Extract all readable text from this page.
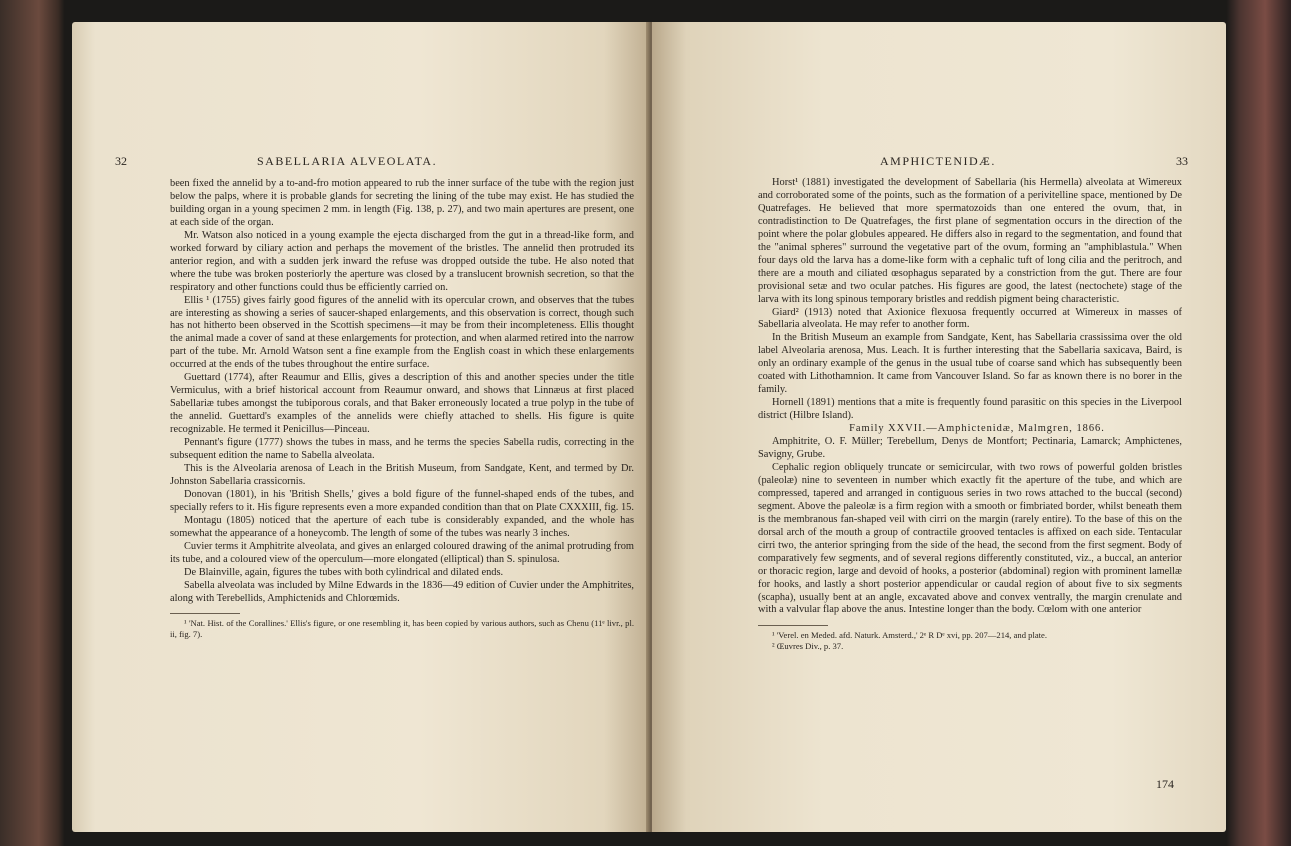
32	SABELLARIA ALVEOLATA.

been fixed the annelid by a to-and-fro motion appeared to rub the inner surface of the tube with the region just below the palps, where it is probable glands for secreting the lining of the tube may exist. He has studied the building organ in a young specimen 2 mm. in length (Fig. 138, p. 27), and two main apertures are present, one at each side of the organ.

Mr. Watson also noticed in a young example the ejecta discharged from the gut in a thread-like form, and worked forward by ciliary action and perhaps the movement of the bristles. The annelid then protruded its anterior region, and with a sudden jerk inward the refuse was dropped outside the tube. He also noted that where the tube was broken posteriorly the aperture was closed by a translucent brownish secretion, so that the respiratory and other functions could thus be efficiently carried on.

Ellis ¹ (1755) gives fairly good figures of the annelid with its opercular crown, and observes that the tubes are interesting as showing a series of saucer-shaped enlargements, and this observation is correct, though such has not hitherto been observed in the Scottish specimens—it may be from their incompleteness. Ellis thought the animal made a cover of sand at these enlargements for protection, and when alarmed retired into the narrow part of the tube. Mr. Arnold Watson sent a fine example from the English coast in which these enlargements occurred at the ends of the tubes throughout the entire surface.

Guettard (1774), after Reaumur and Ellis, gives a description of this and another species under the title Vermiculus, with a brief historical account from Reaumur onward, and shows that Linnæus at first placed Sabellariæ tubes amongst the tubiporous corals, and that Baker erroneously located a true polyp in the tube of the annelid. Guettard's examples of the annelids were chiefly attached to shells. His figure is quite recognizable. He termed it Penicillus—Pinceau.

Pennant's figure (1777) shows the tubes in mass, and he terms the species Sabella rudis, correcting in the subsequent edition the name to Sabella alveolata.

This is the Alveolaria arenosa of Leach in the British Museum, from Sandgate, Kent, and termed by Dr. Johnston Sabellaria crassicornis.

Donovan (1801), in his 'British Shells,' gives a bold figure of the funnel-shaped ends of the tubes, and specially refers to it. His figure represents even a more expanded condition than that on Plate CXXXIII, fig. 15.

Montagu (1805) noticed that the aperture of each tube is considerably expanded, and the whole has somewhat the appearance of a honeycomb. The length of some of the tubes was nearly 3 inches.

Cuvier terms it Amphitrite alveolata, and gives an enlarged coloured drawing of the animal protruding from its tube, and a coloured view of the operculum—more elongated (elliptical) than S. spinulosa.

De Blainville, again, figures the tubes with both cylindrical and dilated ends.

Sabella alveolata was included by Milne Edwards in the 1836—49 edition of Cuvier under the Amphitrites, along with Terebellids, Amphictenids and Chlorœmids.

¹ 'Nat. Hist. of the Corallines.' Ellis's figure, or one resembling it, has been copied by various authors, such as Chenu (11ᵉ livr., pl. ii, fig. 7).

AMPHICTENIDÆ.	33

Horst¹ (1881) investigated the development of Sabellaria (his Hermella) alveolata at Wimereux and corroborated some of the points, such as the formation of a perivitelline space, mentioned by De Quatrefages. He believed that more spermatozoids than one entered the ovum, that, in contradistinction to De Quatrefages, the first plane of segmentation occurs in the direction of the point where the polar globules appeared. He differs also in regard to the segmentation, and found that the "animal spheres" surround the vegetative part of the ovum, forming an "amphiblastula." When four days old the larva has a dome-like form with a cephalic tuft of long cilia and the peritroch, and there are a mouth and ciliated œsophagus separated by a constriction from the gut. There are four provisional setæ and two ocular patches. His figures are good, the latest (nectochete) stage of the larva with its long spinous temporary bristles and reddish pigment being characteristic.

Giard² (1913) noted that Axionice flexuosa frequently occurred at Wimereux in masses of Sabellaria alveolata. He may refer to another form.

In the British Museum an example from Sandgate, Kent, has Sabellaria crassissima over the old label Alveolaria arenosa, Mus. Leach. It is further interesting that the Sabellaria saxicava, Baird, is only an ordinary example of the genus in the usual tube of coarse sand which has subsequently been coated with Lithothamnion. It came from Vancouver Island. So far as known there is no borer in the family.

Hornell (1891) mentions that a mite is frequently found parasitic on this species in the Liverpool district (Hilbre Island).

Family XXVII.—Amphictenidæ, Malmgren, 1866.

Amphitrite, O. F. Müller; Terebellum, Denys de Montfort; Pectinaria, Lamarck; Amphictenes, Savigny, Grube.

Cephalic region obliquely truncate or semicircular, with two rows of powerful golden bristles (paleolæ) nine to seventeen in number which exactly fit the aperture of the tube, and which are compressed, tapered and arranged in contiguous series in two rows attached to the buccal (second) segment. Above the paleolæ is a firm region with a smooth or fimbriated border, whilst beneath them is the membranous fan-shaped veil with cirri on the margin (rarely entire). To the base of this on the dorsal arch of the mouth a group of contractile grooved tentacles is affixed on each side. Tentacular cirri two, the anterior springing from the side of the head, the second from the first segment. Body of comparatively few segments, and of several regions differently constituted, viz., a buccal, an anterior or thoracic region, large and devoid of hooks, a posterior (abdominal) region with prominent lamellæ for hooks, and lastly a short posterior appendicular or caudal region of about five to six segments (scapha), usually bent at an angle, excavated above and convex ventrally, the margin crenulate and with a valvular flap above the anus. Intestine longer than the body. Cœlom with one anterior

¹ 'Verel. en Meded. afd. Naturk. Amsterd.,' 2ᵉ R Dᵉ xvi, pp. 207—214, and plate.

² Œuvres Div., p. 37.

174
